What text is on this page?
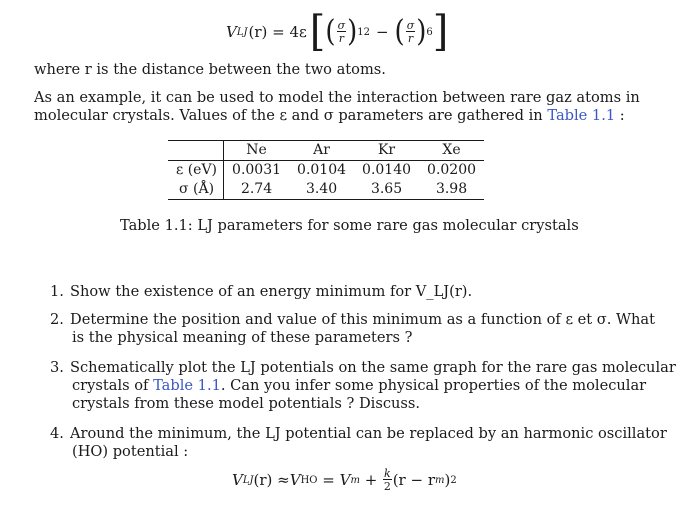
V LJ (r) = 4ε [ ( $\frac{\sigma}{r}$ ) 12 − ( $\frac{\sigma}{r}$ ) 6 ]
where r is the distance between the two atoms.
As an example, it can be used to model the interaction between rare gaz atoms in
molecular crystals. Values of the ε and σ parameters are gathered in Table 1.1 :
	Ne	Ar	Kr	Xe
ε (eV)	0.0031	0.0104	0.0140	0.0200
σ (Å)	2.74	3.40	3.65	3.98
Table 1.1: LJ parameters for some rare gas molecular crystals
1. Show the existence of an energy minimum for V_LJ(r).
2. Determine the position and value of this minimum as a function of ε et σ. What
is the physical meaning of these parameters ?
3. Schematically plot the LJ potentials on the same graph for the rare gas molecular
crystals of Table 1.1. Can you infer some physical properties of the molecular
crystals from these model potentials ? Discuss.
4. Around the minimum, the LJ potential can be replaced by an harmonic oscillator
(HO) potential :
V LJ (r) ≈ V HO = V $m + \frac{k}{2} (r - r$ m ) 2
